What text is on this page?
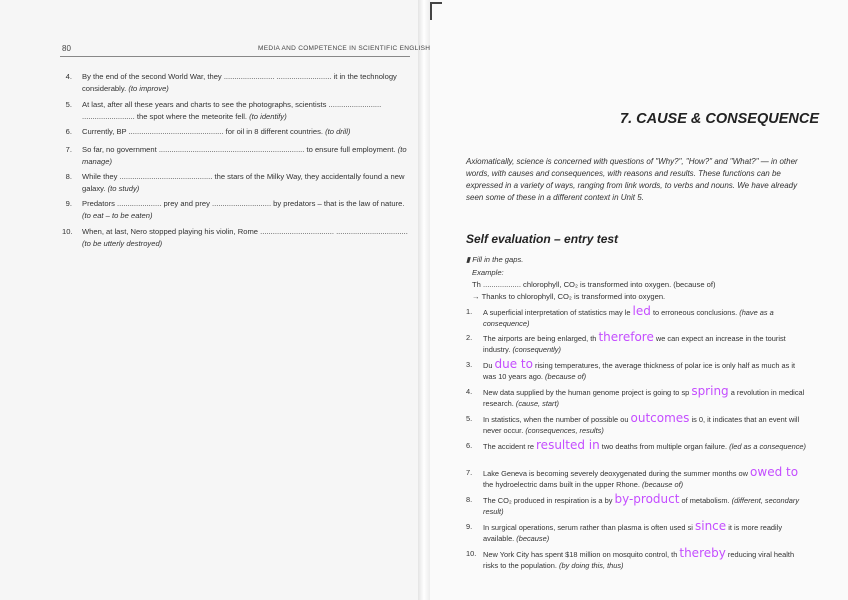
80	MEDIA AND COMPETENCE IN SCIENTIFIC ENGLISH
4. By the end of the second World War, they ........................ .......................... it in the technology considerably. (to improve)
5. At last, after all these years and charts to see the photographs, scientists ......................... ......................... the spot where the meteorite fell. (to identify)
6. Currently, BP ............................................. for oil in 8 different countries. (to drill)
7. So far, no government ..................................................................... to ensure full employment. (to manage)
8. While they ............................................ the stars of the Milky Way, they accidentally found a new galaxy. (to study)
9. Predators ..................... prey and prey ............................ by predators – that is the law of nature. (to eat – to be eaten)
10. When, at last, Nero stopped playing his violin, Rome ................................... .................................. (to be utterly destroyed)
7. CAUSE & CONSEQUENCE
Axiomatically, science is concerned with questions of "Why?", "How?" and "What?" — in other words, with causes and consequences, with reasons and results. These functions can be expressed in a variety of ways, ranging from link words, to verbs and nouns. We have already seen some of these in a different context in Unit 5.
Self evaluation – entry test
▮ Fill in the gaps.
Example:
Th .................. chlorophyll, CO₂ is transformed into oxygen. (because of)
→ Thanks to chlorophyll, CO₂ is transformed into oxygen.
1.	A superficial interpretation of statistics may le led to erroneous conclusions. (have as a consequence)
2.	The airports are being enlarged, th therefore we can expect an increase in the tourist industry. (consequently)
3.	Du due to rising temperatures, the average thickness of polar ice is only half as much as it was 10 years ago. (because of)
4.	New data supplied by the human genome project is going to sp spring a revolution in medical research. (cause, start)
5.	In statistics, when the number of possible ou outcomes is 0, it indicates that an event will never occur. (consequences, results)
6.	The accident re resulted in two deaths from multiple organ failure. (led as a consequence)
7.	Lake Geneva is becoming severely deoxygenated during the summer months ow owed to the hydroelectric dams built in the upper Rhone. (because of)
8.	The CO₂ produced in respiration is a by by-product of metabolism. (different, secondary result)
9.	In surgical operations, serum rather than plasma is often used si since it is more readily available. (because)
10. New York City has spent $18 million on mosquito control, th thereby reducing viral health risks to the population. (by doing this, thus)
